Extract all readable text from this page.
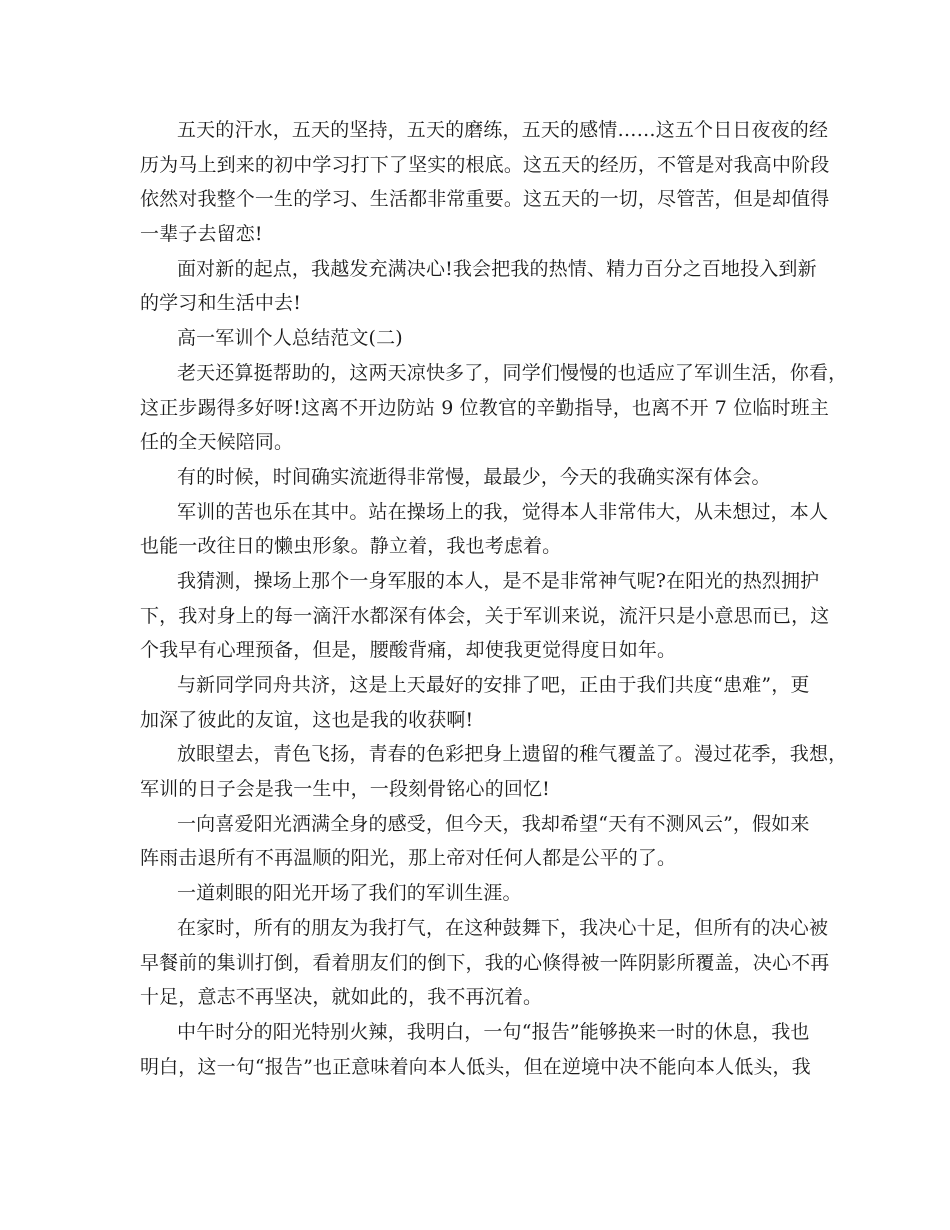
五天的汗水，五天的坚持，五天的磨练，五天的感情……这五个日日夜夜的经
历为马上到来的初中学习打下了坚实的根底。这五天的经历，不管是对我高中阶段
依然对我整个一生的学习、生活都非常重要。这五天的一切，尽管苦，但是却值得
一辈子去留恋!
面对新的起点，我越发充满决心!我会把我的热情、精力百分之百地投入到新
的学习和生活中去!
高一军训个人总结范文(二)
老天还算挺帮助的，这两天凉快多了，同学们慢慢的也适应了军训生活，你看，
这正步踢得多好呀!这离不开边防站 9 位教官的辛勤指导，也离不开 7 位临时班主
任的全天候陪同。
有的时候，时间确实流逝得非常慢，最最少，今天的我确实深有体会。
军训的苦也乐在其中。站在操场上的我，觉得本人非常伟大，从未想过，本人
也能一改往日的懒虫形象。静立着，我也考虑着。
我猜测，操场上那个一身军服的本人，是不是非常神气呢?在阳光的热烈拥护
下，我对身上的每一滴汗水都深有体会，关于军训来说，流汗只是小意思而已，这
个我早有心理预备，但是，腰酸背痛，却使我更觉得度日如年。
与新同学同舟共济，这是上天最好的安排了吧，正由于我们共度“患难”，更
加深了彼此的友谊，这也是我的收获啊!
放眼望去，青色飞扬，青春的色彩把身上遗留的稚气覆盖了。漫过花季，我想，
军训的日子会是我一生中，一段刻骨铭心的回忆!
一向喜爱阳光洒满全身的感受，但今天，我却希望“天有不测风云”，假如来
阵雨击退所有不再温顺的阳光，那上帝对任何人都是公平的了。
一道刺眼的阳光开场了我们的军训生涯。
在家时，所有的朋友为我打气，在这种鼓舞下，我决心十足，但所有的决心被
早餐前的集训打倒，看着朋友们的倒下，我的心倏得被一阵阴影所覆盖，决心不再
十足，意志不再坚决，就如此的，我不再沉着。
中午时分的阳光特别火辣，我明白，一句“报告”能够换来一时的休息，我也
明白，这一句“报告”也正意味着向本人低头，但在逆境中决不能向本人低头，我
